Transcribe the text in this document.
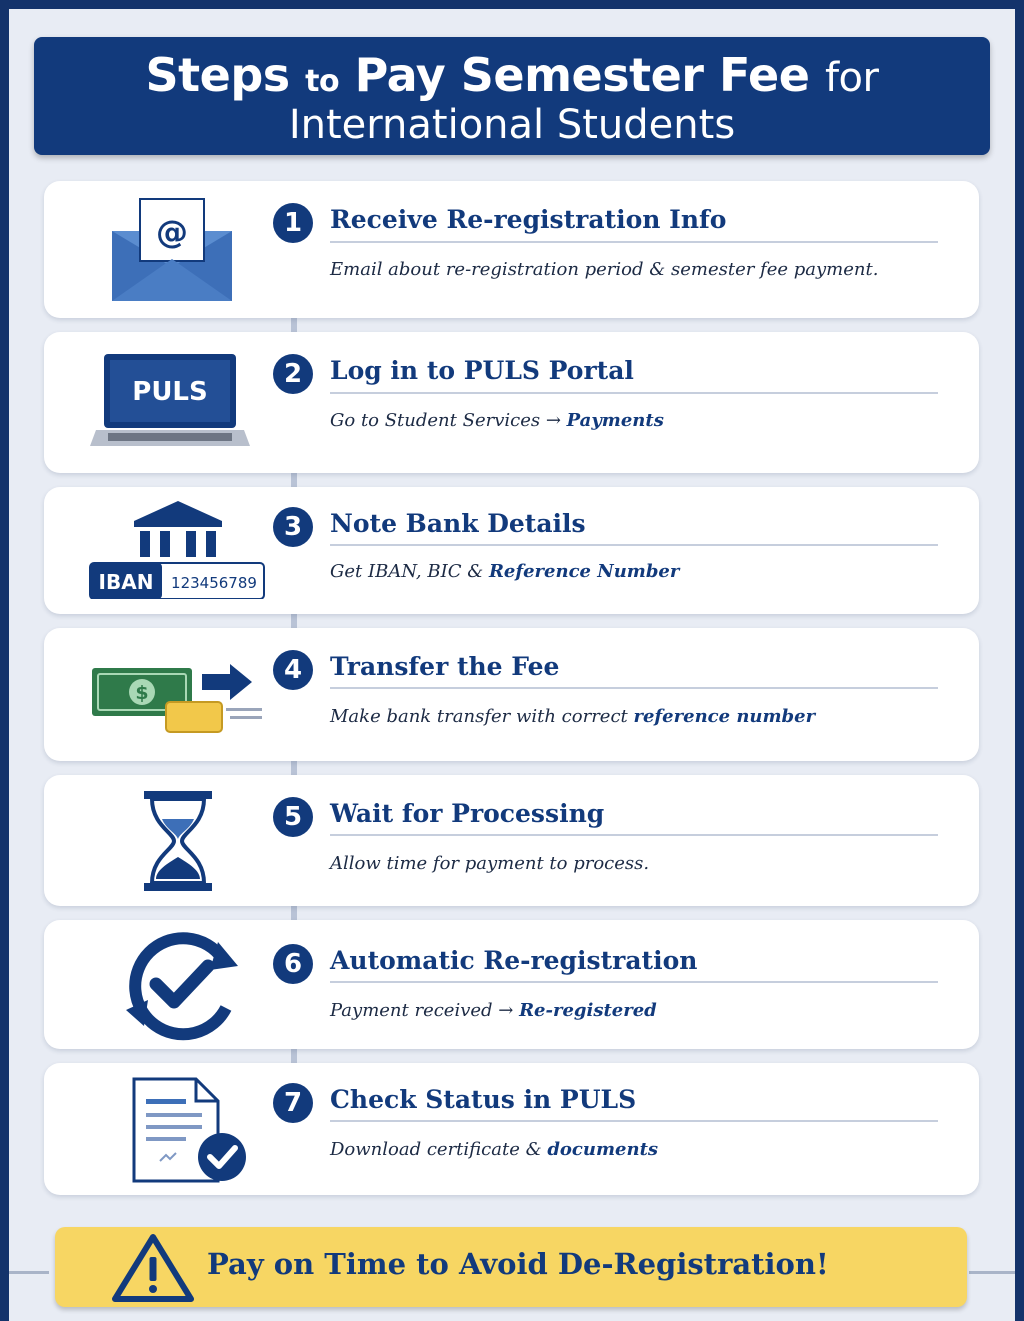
Steps to Pay Semester Fee for
International Students
@	1	Receive Re-registration Info
Email about re-registration period & semester fee payment.
PULS
2	Log in to PULS Portal
Go to Student Services → Payments
IBAN 123456789
3	Note Bank Details
Get IBAN, BIC & Reference Number
$
4	Transfer the Fee
Make bank transfer with correct reference number
5	Wait for Processing
Allow time for payment to process.
6	Automatic Re-registration
Payment received → Re-registered
7	Check Status in PULS
Download certificate & documents
Pay on Time to Avoid De-Registration!
